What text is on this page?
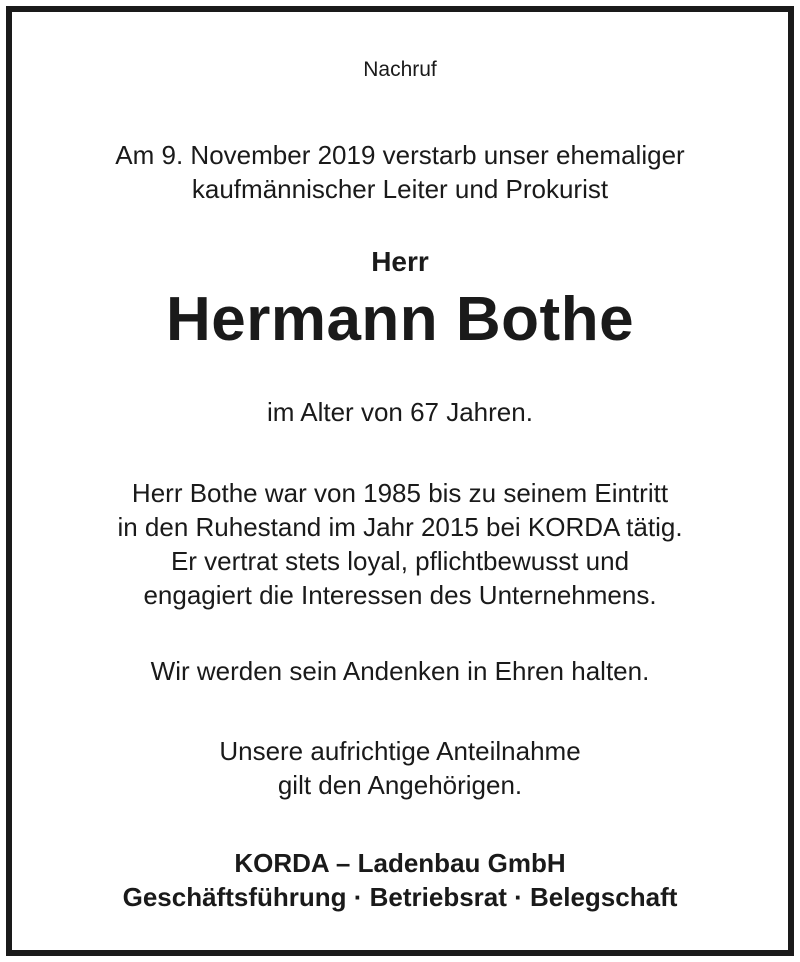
Nachruf
Am 9. November 2019 verstarb unser ehemaliger
kaufmännischer Leiter und Prokurist
Herr
Hermann Bothe
im Alter von 67 Jahren.
Herr Bothe war von 1985 bis zu seinem Eintritt
in den Ruhestand im Jahr 2015 bei KORDA tätig.
Er vertrat stets loyal, pflichtbewusst und
engagiert die Interessen des Unternehmens.
Wir werden sein Andenken in Ehren halten.
Unsere aufrichtige Anteilnahme
gilt den Angehörigen.
KORDA – Ladenbau GmbH
Geschäftsführung · Betriebsrat · Belegschaft
